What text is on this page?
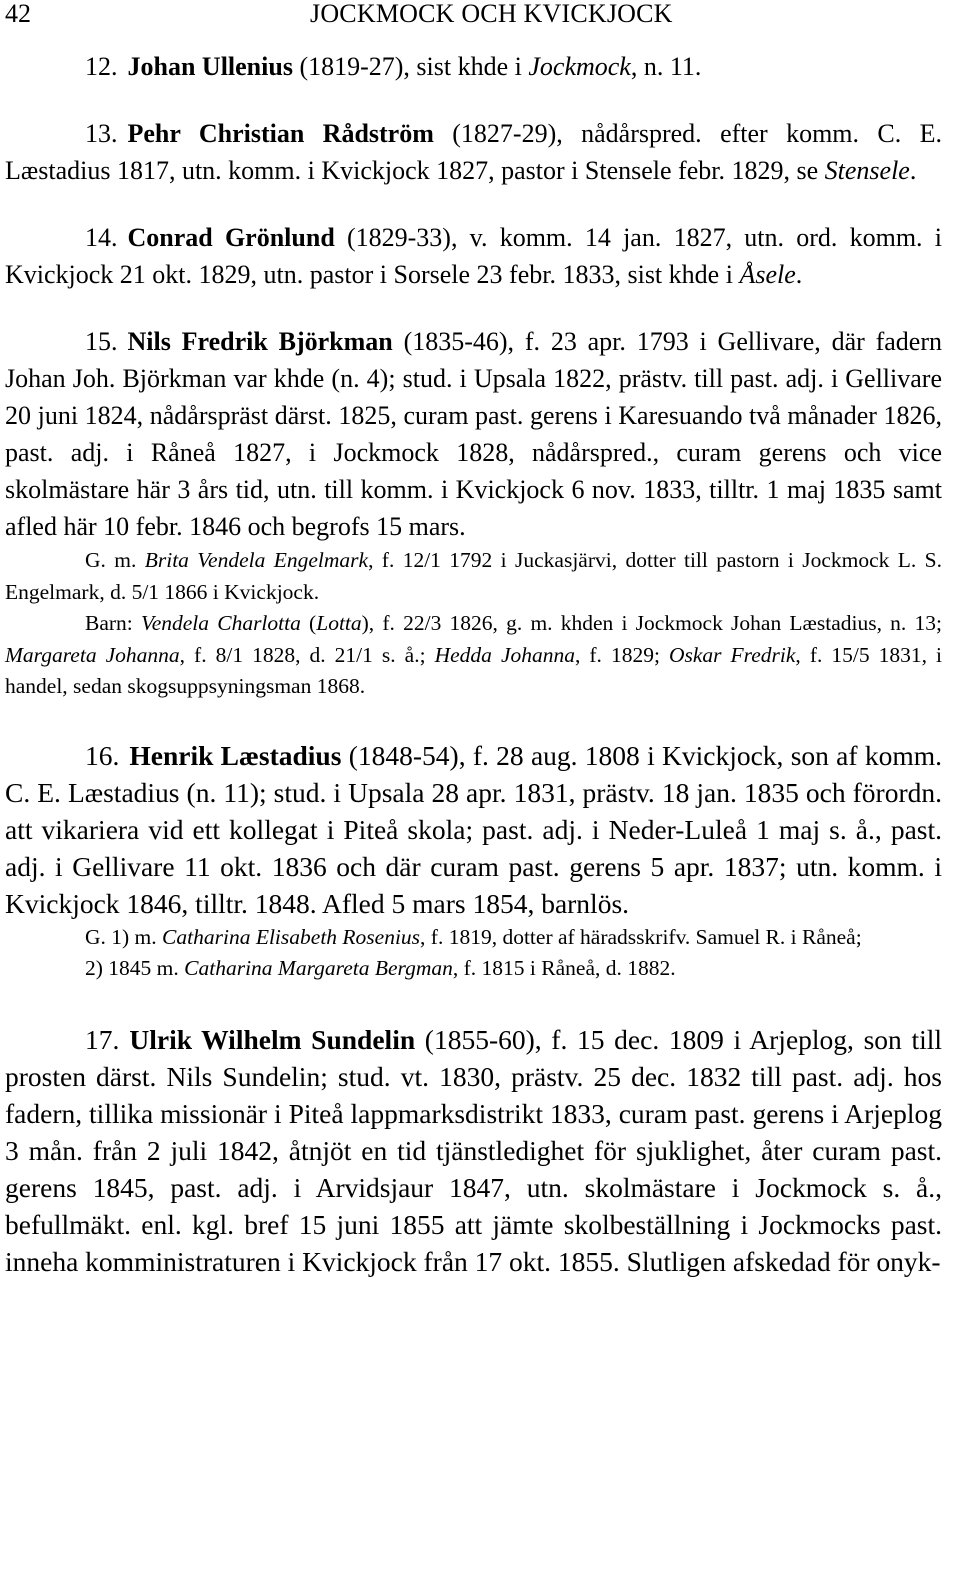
42	JOCKMOCK OCH KVICKJOCK
12. Johan Ullenius (1819-27), sist khde i Jockmock, n. 11.
13. Pehr Christian Rådström (1827-29), nådårspred. efter komm. C. E. Læstadius 1817, utn. komm. i Kvickjock 1827, pastor i Stensele febr. 1829, se Stensele.
14. Conrad Grönlund (1829-33), v. komm. 14 jan. 1827, utn. ord. komm. i Kvickjock 21 okt. 1829, utn. pastor i Sorsele 23 febr. 1833, sist khde i Åsele.
15. Nils Fredrik Björkman (1835-46), f. 23 apr. 1793 i Gellivare, där fadern Johan Joh. Björkman var khde (n. 4); stud. i Upsala 1822, prästv. till past. adj. i Gellivare 20 juni 1824, nådårspräst därst. 1825, curam past. gerens i Karesuando två månader 1826, past. adj. i Råneå 1827, i Jockmock 1828, nådårspred., curam gerens och vice skolmästare här 3 års tid, utn. till komm. i Kvickjock 6 nov. 1833, tilltr. 1 maj 1835 samt afled här 10 febr. 1846 och begrofs 15 mars.
G. m. Brita Vendela Engelmark, f. 12/1 1792 i Juckasjärvi, dotter till pastorn i Jockmock L. S. Engelmark, d. 5/1 1866 i Kvickjock.
Barn: Vendela Charlotta (Lotta), f. 22/3 1826, g. m. khden i Jockmock Johan Læstadius, n. 13; Margareta Johanna, f. 8/1 1828, d. 21/1 s. å.; Hedda Johanna, f. 1829; Oskar Fredrik, f. 15/5 1831, i handel, sedan skogsuppsyningsman 1868.
16. Henrik Læstadius (1848-54), f. 28 aug. 1808 i Kvickjock, son af komm. C. E. Læstadius (n. 11); stud. i Upsala 28 apr. 1831, prästv. 18 jan. 1835 och förordn. att vikariera vid ett kollegat i Piteå skola; past. adj. i Neder-Luleå 1 maj s. å., past. adj. i Gellivare 11 okt. 1836 och där curam past. gerens 5 apr. 1837; utn. komm. i Kvickjock 1846, tilltr. 1848. Afled 5 mars 1854, barnlös.
G. 1) m. Catharina Elisabeth Rosenius, f. 1819, dotter af häradsskrifv. Samuel R. i Råneå;
2) 1845 m. Catharina Margareta Bergman, f. 1815 i Råneå, d. 1882.
17. Ulrik Wilhelm Sundelin (1855-60), f. 15 dec. 1809 i Arjeplog, son till prosten därst. Nils Sundelin; stud. vt. 1830, prästv. 25 dec. 1832 till past. adj. hos fadern, tillika missionär i Piteå lappmarksdistrikt 1833, curam past. gerens i Arjeplog 3 mån. från 2 juli 1842, åtnjöt en tid tjänstledighet för sjuklighet, åter curam past. gerens 1845, past. adj. i Arvidsjaur 1847, utn. skolmästare i Jockmock s. å., befullmäkt. enl. kgl. bref 15 juni 1855 att jämte skolbeställning i Jockmocks past. inneha komministraturen i Kvickjock från 17 okt. 1855. Slutligen afskedad för onyk-
